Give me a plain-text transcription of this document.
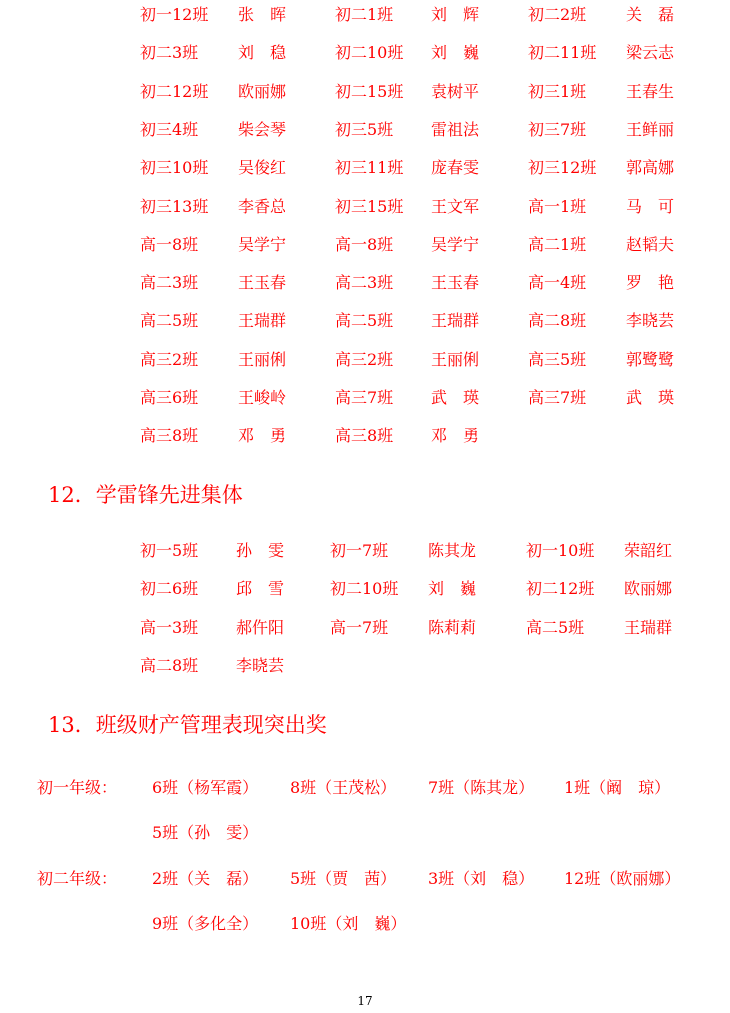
初一12班 张　晖	初二1班 刘　辉	初二2班 关　磊
初二3班 刘　稳	初二10班 刘　巍	初二11班 梁云志
初二12班 欧丽娜	初二15班 袁树平	初三1班 王春生
初三4班 柴会琴	初三5班 雷祖法	初三7班 王鲜丽
初三10班 吴俊红	初三11班 庞春雯	初三12班 郭高娜
初三13班 李香总	初三15班 王文军	高一1班 马　可
高一8班 吴学宁	高一8班 吴学宁	高二1班 赵韬夫
高二3班 王玉春	高二3班 王玉春	高一4班 罗　艳
高二5班 王瑞群	高二5班 王瑞群	高二8班 李晓芸
高三2班 王丽俐	高三2班 王丽俐	高三5班 郭鹭鹭
高三6班 王峻岭	高三7班 武　瑛	高三7班 武　瑛
高三8班 邓　勇	高三8班 邓　勇
12．学雷锋先进集体
初一5班 孙　雯	初一7班 陈其龙	初一10班 荣韶红
初二6班 邱　雪	初二10班 刘　巍	初二12班 欧丽娜
高一3班 郝仵阳	高一7班 陈莉莉	高二5班 王瑞群
高二8班 李晓芸
13．班级财产管理表现突出奖
初一年级： 6班（杨军霞） 8班（王茂松） 7班（陈其龙） 1班（阚　琼）
5班（孙　雯）
初二年级： 2班（关　磊） 5班（贾　茜） 3班（刘　稳） 12班（欧丽娜）
9班（多化全） 10班（刘　巍）
17
